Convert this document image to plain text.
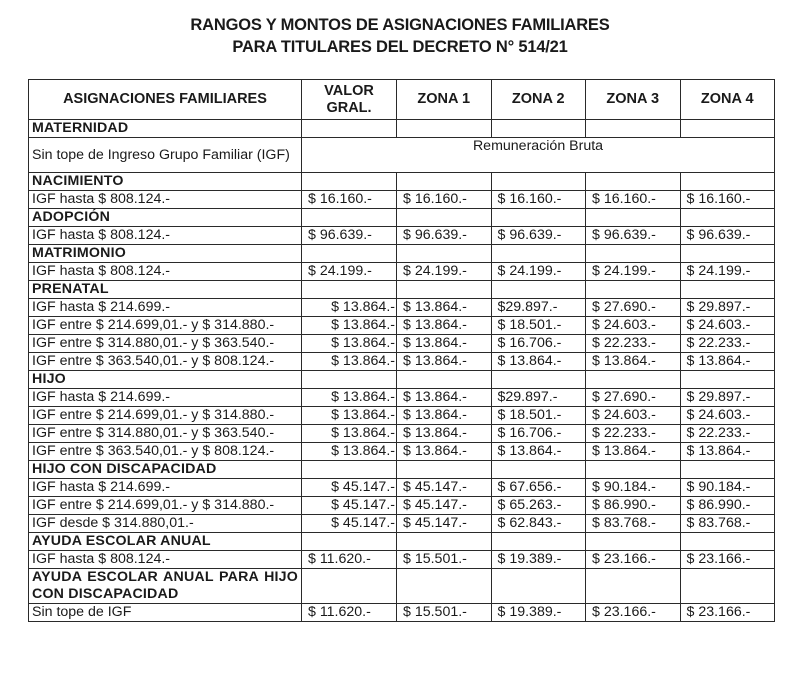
RANGOS Y MONTOS DE ASIGNACIONES FAMILIARES
PARA TITULARES DEL DECRETO N° 514/21
ASIGNACIONES FAMILIARES	VALOR GRAL.	ZONA 1	ZONA 2	ZONA 3	ZONA 4
MATERNIDAD					
Sin tope de Ingreso Grupo Familiar (IGF)	Remuneración Bruta				
NACIMIENTO					
IGF hasta $ 808.124.-	$ 16.160.-	$ 16.160.-	$ 16.160.-	$ 16.160.-	$ 16.160.-
ADOPCIÓN					
IGF hasta $ 808.124.-	$ 96.639.-	$ 96.639.-	$ 96.639.-	$ 96.639.-	$ 96.639.-
MATRIMONIO					
IGF hasta $ 808.124.-	$ 24.199.-	$ 24.199.-	$ 24.199.-	$ 24.199.-	$ 24.199.-
PRENATAL					
IGF hasta $ 214.699.-	$ 13.864.-	$ 13.864.-	$29.897.-	$ 27.690.-	$ 29.897.-
IGF entre $ 214.699,01.- y $ 314.880.-	$ 13.864.-	$ 13.864.-	$ 18.501.-	$ 24.603.-	$ 24.603.-
IGF entre $ 314.880,01.- y $ 363.540.-	$ 13.864.-	$ 13.864.-	$ 16.706.-	$ 22.233.-	$ 22.233.-
IGF entre $ 363.540,01.- y $ 808.124.-	$ 13.864.-	$ 13.864.-	$ 13.864.-	$ 13.864.-	$ 13.864.-
HIJO					
IGF hasta $ 214.699.-	$ 13.864.-	$ 13.864.-	$29.897.-	$ 27.690.-	$ 29.897.-
IGF entre $ 214.699,01.- y $ 314.880.-	$ 13.864.-	$ 13.864.-	$ 18.501.-	$ 24.603.-	$ 24.603.-
IGF entre $ 314.880,01.- y $ 363.540.-	$ 13.864.-	$ 13.864.-	$ 16.706.-	$ 22.233.-	$ 22.233.-
IGF entre $ 363.540,01.- y $ 808.124.-	$ 13.864.-	$ 13.864.-	$ 13.864.-	$ 13.864.-	$ 13.864.-
HIJO CON DISCAPACIDAD					
IGF hasta $ 214.699.-	$ 45.147.-	$ 45.147.-	$ 67.656.-	$ 90.184.-	$ 90.184.-
IGF entre $ 214.699,01.- y $ 314.880.-	$ 45.147.-	$ 45.147.-	$ 65.263.-	$ 86.990.-	$ 86.990.-
IGF desde $ 314.880,01.-	$ 45.147.-	$ 45.147.-	$ 62.843.-	$ 83.768.-	$ 83.768.-
AYUDA ESCOLAR ANUAL					
IGF hasta $ 808.124.-	$ 11.620.-	$ 15.501.-	$ 19.389.-	$ 23.166.-	$ 23.166.-
AYUDA ESCOLAR ANUAL PARA HIJO CON DISCAPACIDAD					
Sin tope de IGF	$ 11.620.-	$ 15.501.-	$ 19.389.-	$ 23.166.-	$ 23.166.-
